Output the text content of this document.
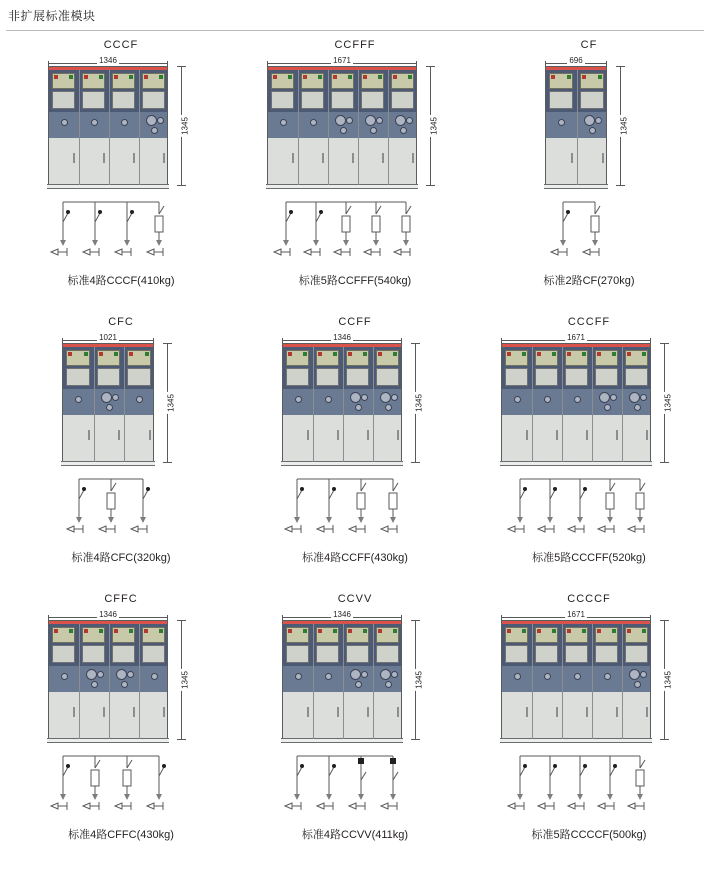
非扩展标准模块
CCCF
1346
1345
标准4路CCCF(410kg)
CCFFF
1671
1345
标准5路CCFFF(540kg)
CF
696
1345
标准2路CF(270kg)
CFC
1021
1345
标准4路CFC(320kg)
CCFF
1346
1345
标准4路CCFF(430kg)
CCCFF
1671
1345
标准5路CCCFF(520kg)
CFFC
1346
1345
标准4路CFFC(430kg)
CCVV
1346
1345
标准4路CCVV(411kg)
CCCCF
1671
1345
标准5路CCCCF(500kg)
